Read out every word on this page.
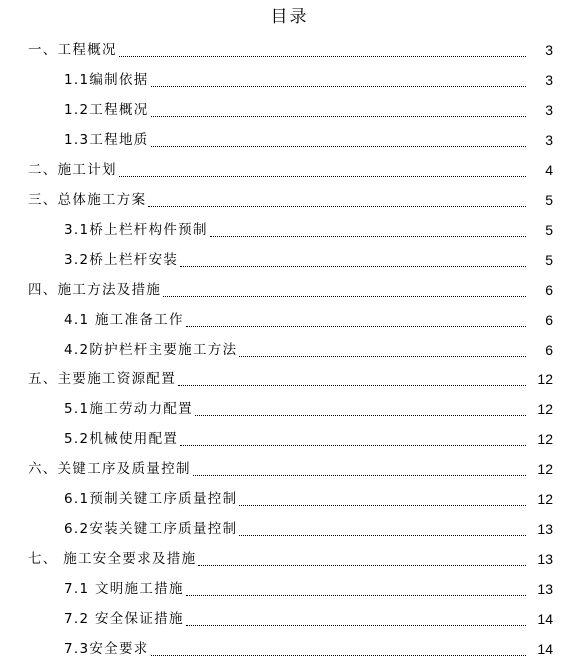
目录
一、工程概况	3
1.1编制依据	3
1.2工程概况	3
1.3工程地质	3
二、施工计划	4
三、总体施工方案	5
3.1桥上栏杆构件预制	5
3.2桥上栏杆安装	5
四、施工方法及措施	6
4.1 施工准备工作	6
4.2防护栏杆主要施工方法	6
五、主要施工资源配置	12
5.1施工劳动力配置	12
5.2机械使用配置	12
六、关键工序及质量控制	12
6.1预制关键工序质量控制	12
6.2安装关键工序质量控制	13
七、 施工安全要求及措施	13
7.1 文明施工措施	13
7.2 安全保证措施	14
7.3安全要求	14
